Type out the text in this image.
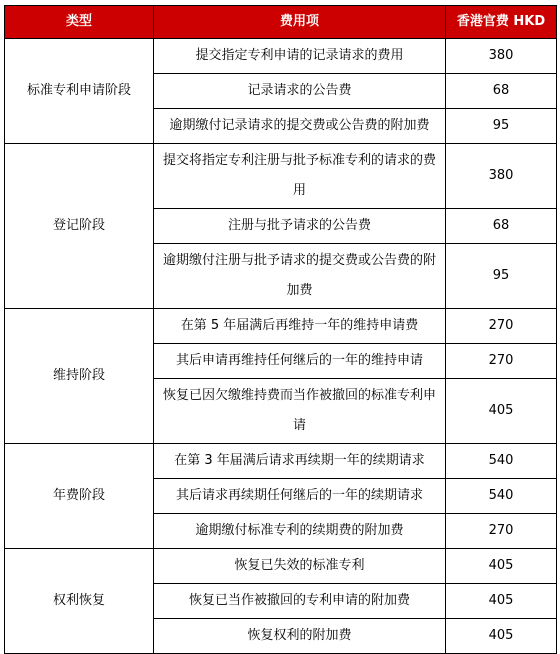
类型	费用项	香港官费 HKD
标准专利申请阶段	提交指定专利申请的记录请求的费用	380
	记录请求的公告费	68
	逾期缴付记录请求的提交费或公告费的附加费	95
登记阶段	提交将指定专利注册与批予标准专利的请求的费用	380
	注册与批予请求的公告费	68
	逾期缴付注册与批予请求的提交费或公告费的附加费	95
维持阶段	在第 5 年届满后再维持一年的维持申请费	270
	其后申请再维持任何继后的一年的维持申请	270
	恢复已因欠缴维持费而当作被撤回的标准专利申请	405
年费阶段	在第 3 年届满后请求再续期一年的续期请求	540
	其后请求再续期任何继后的一年的续期请求	540
	逾期缴付标准专利的续期费的附加费	270
权利恢复	恢复已失效的标准专利	405
	恢复已当作被撤回的专利申请的附加费	405
	恢复权利的附加费	405
